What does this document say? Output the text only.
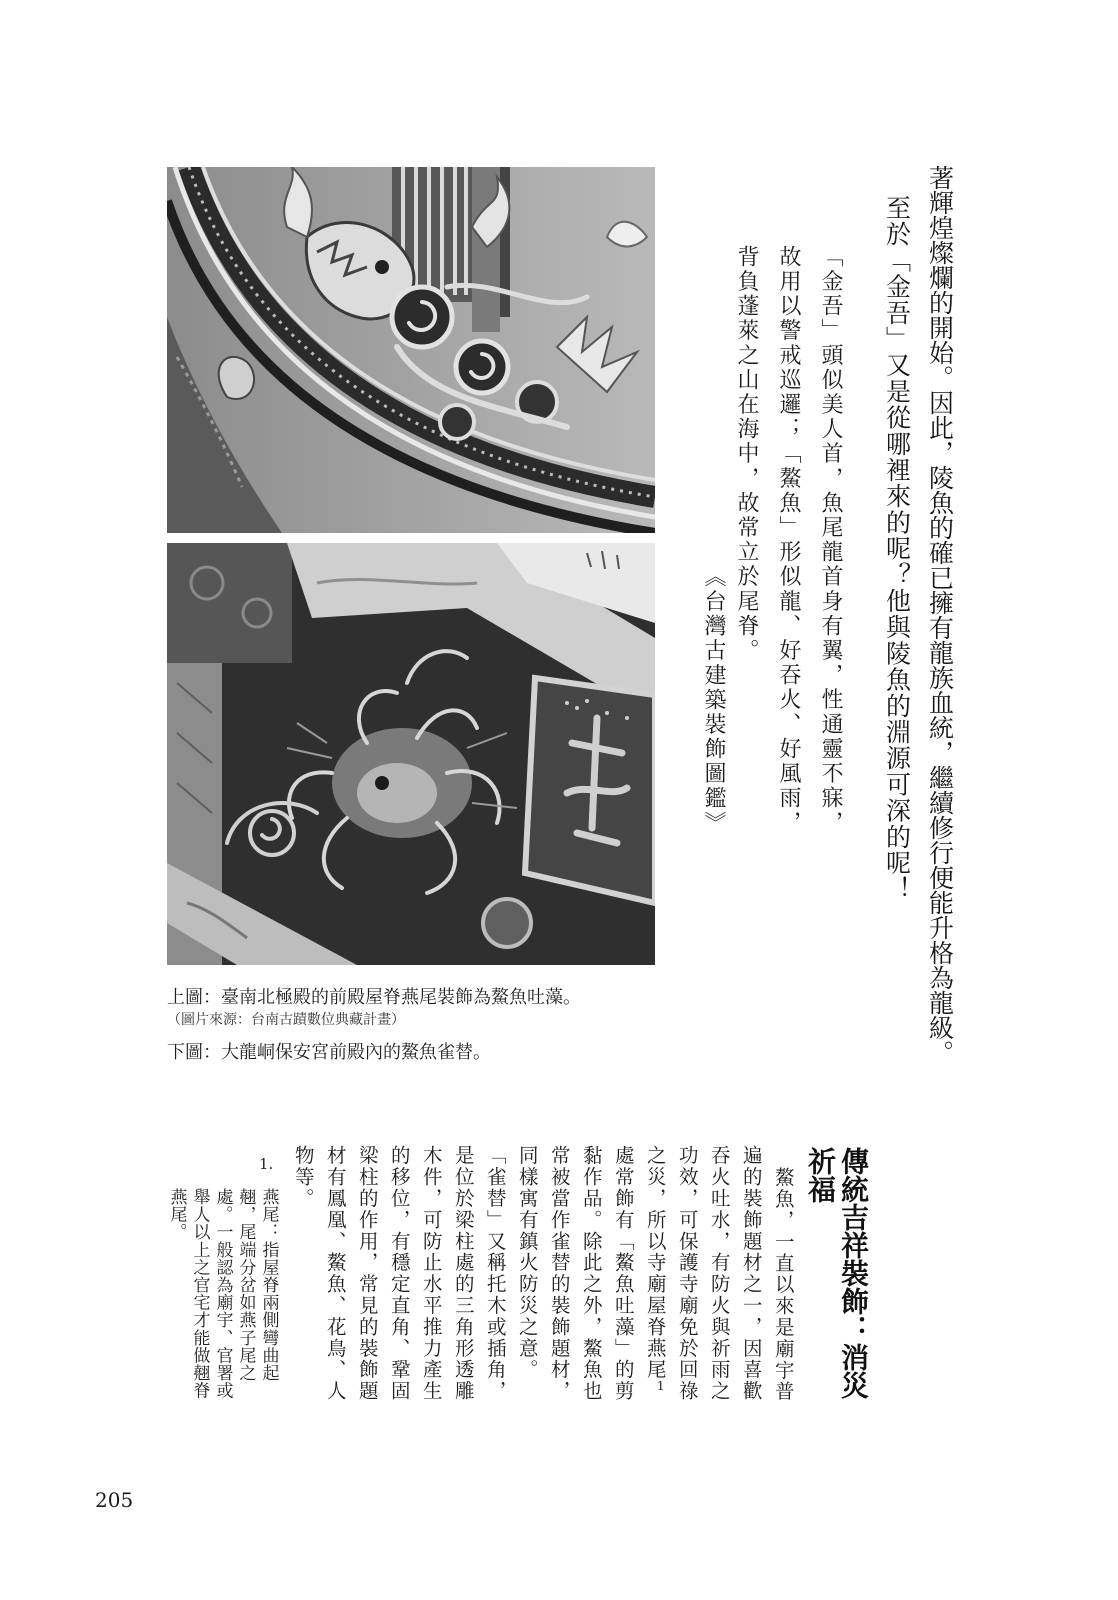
著輝煌燦爛的開始。因此，陵魚的確已擁有龍族血統，繼續修行便能升格為龍級。
至於「金吾」又是從哪裡來的呢？他與陵魚的淵源可深的呢！
「金吾」頭似美人首，魚尾龍首身有翼，性通靈不寐，
故用以警戒巡邏；「鰲魚」形似龍、好吞火、好風雨，
背負蓬萊之山在海中，故常立於尾脊。
《台灣古建築裝飾圖鑑》
上圖：臺南北極殿的前殿屋脊燕尾裝飾為鰲魚吐藻。
（圖片來源：台南古蹟數位典藏計畫）
下圖：大龍峒保安宮前殿內的鰲魚雀替。
傳統吉祥裝飾：消災
祈福
鰲魚，一直以來是廟宇普
遍的裝飾題材之一，因喜歡
吞火吐水，有防火與祈雨之
功效，可保護寺廟免於回祿
之災，所以寺廟屋脊燕尾1
處常飾有「鰲魚吐藻」的剪
黏作品。除此之外，鰲魚也
常被當作雀替的裝飾題材，
同樣寓有鎮火防災之意。
「雀替」又稱托木或插角，
是位於梁柱處的三角形透雕
木件，可防止水平推力產生
的移位，有穩定直角、鞏固
梁柱的作用，常見的裝飾題
材有鳳凰、鰲魚、花鳥、人
物等。
1.
燕尾：指屋脊兩側彎曲起
翹，尾端分岔如燕子尾之
處。一般認為廟宇、官署或
舉人以上之官宅才能做翹脊
燕尾。
205
